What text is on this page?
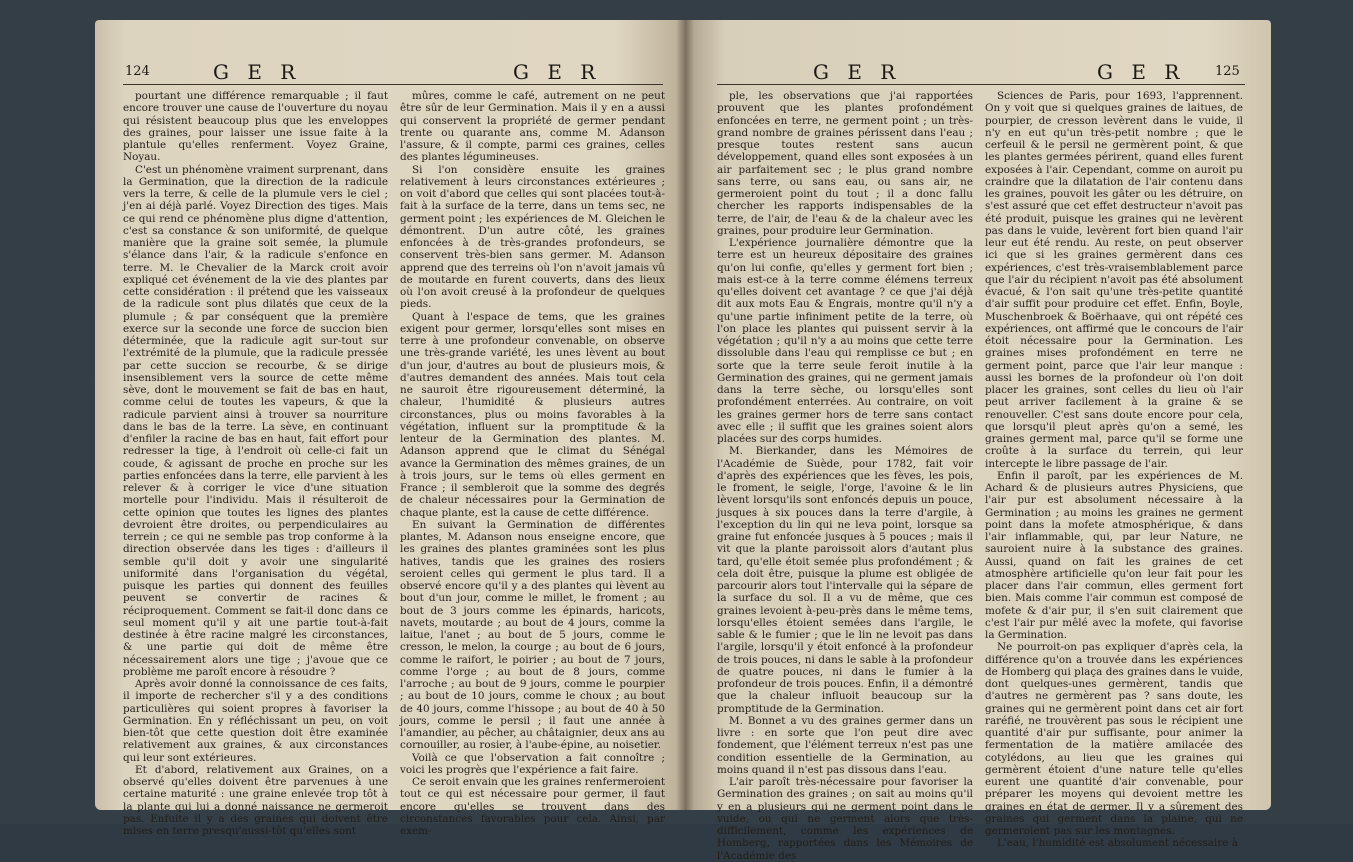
124	G E R	G E R

pourtant une différence remarquable ; il faut encore trouver une cause de l'ouverture du noyau qui résistent beaucoup plus que les enveloppes des graines, pour laisser une issue faite à la plantule qu'elles renferment. Voyez Graine, Noyau.

C'est un phénomène vraiment surprenant, dans la Germination, que la direction de la radicule vers la terre, & celle de la plumule vers le ciel ; j'en ai déjà parlé. Voyez Direction des tiges. Mais ce qui rend ce phénomène plus digne d'attention, c'est sa constance & son uniformité, de quelque manière que la graine soit semée, la plumule s'élance dans l'air, & la radicule s'enfonce en terre. M. le Chevalier de la Marck croit avoir expliqué cet événement de la vie des plantes par cette considération : il prétend que les vaisseaux de la radicule sont plus dilatés que ceux de la plumule ; & par conséquent que la première exerce sur la seconde une force de succion bien déterminée, que la radicule agit sur-tout sur l'extrémité de la plumule, que la radicule pressée par cette succion se recourbe, & se dirige insensiblement vers la source de cette même sève, dont le mouvement se fait de bas en haut, comme celui de toutes les vapeurs, & que la radicule parvient ainsi à trouver sa nourriture dans le bas de la terre. La sève, en continuant d'enfiler la racine de bas en haut, fait effort pour redresser la tige, à l'endroit où celle-ci fait un coude, & agissant de proche en proche sur les parties enfoncées dans la terre, elle parvient à les relever & à corriger le vice d'une situation mortelle pour l'individu. Mais il résulteroit de cette opinion que toutes les lignes des plantes devroient être droites, ou perpendiculaires au terrein ; ce qui ne semble pas trop conforme à la direction observée dans les tiges : d'ailleurs il semble qu'il doit y avoir une singularité uniformité dans l'organisation du végétal, puisque les parties qui donnent des feuilles peuvent se convertir de racines & réciproquement. Comment se fait-il donc dans ce seul moment qu'il y ait une partie tout-à-fait destinée à être racine malgré les circonstances, & une partie qui doit de même être nécessairement alors une tige ; j'avoue que ce problème me paroît encore à résoudre ?

Après avoir donné la connoissance de ces faits, il importe de rechercher s'il y a des conditions particulières qui soient propres à favoriser la Germination. En y réfléchissant un peu, on voit bien-tôt que cette question doit être examinée relativement aux graines, & aux circonstances qui leur sont extérieures.

Et d'abord, relativement aux Graines, on a observé qu'elles doivent être parvenues à une certaine maturité : une graine enlevée trop tôt à la plante qui lui a donné naissance ne germeroit pas. Enfuite il y a des graines qui doivent être mises en terre presqu'aussi-tôt qu'elles sont

mûres, comme le café, autrement on ne peut être sûr de leur Germination. Mais il y en a aussi qui conservent la propriété de germer pendant trente ou quarante ans, comme M. Adanson l'assure, & il compte, parmi ces graines, celles des plantes légumineuses.

Si l'on considère ensuite les graines relativement à leurs circonstances extérieures ; on voit d'abord que celles qui sont placées tout-à-fait à la surface de la terre, dans un tems sec, ne germent point ; les expériences de M. Gleichen le démontrent. D'un autre côté, les graines enfoncées à de très-grandes profondeurs, se conservent très-bien sans germer. M. Adanson apprend que des terreins où l'on n'avoit jamais vû de moutarde en furent couverts, dans des lieux où l'on avoit creusé à la profondeur de quelques pieds.

Quant à l'espace de tems, que les graines exigent pour germer, lorsqu'elles sont mises en terre à une profondeur convenable, on observe une très-grande variété, les unes lèvent au bout d'un jour, d'autres au bout de plusieurs mois, & d'autres demandent des années. Mais tout cela ne sauroit être rigoureusement déterminé, la chaleur, l'humidité & plusieurs autres circonstances, plus ou moins favorables à la végétation, influent sur la promptitude & la lenteur de la Germination des plantes. M. Adanson apprend que le climat du Sénégal avance la Germination des mêmes graines, de un à trois jours, sur le tems où elles germent en France ; il sembleroit que la somme des degrés de chaleur nécessaires pour la Germination de chaque plante, est la cause de cette différence.

En suivant la Germination de différentes plantes, M. Adanson nous enseigne encore, que les graines des plantes graminées sont les plus hatives, tandis que les graines des rosiers seroient celles qui germent le plus tard. Il a observé encore qu'il y a des plantes qui lèvent au bout d'un jour, comme le millet, le froment ; au bout de 3 jours comme les épinards, haricots, navets, moutarde ; au bout de 4 jours, comme la laitue, l'anet ; au bout de 5 jours, comme le cresson, le melon, la courge ; au bout de 6 jours, comme le raifort, le poirier ; au bout de 7 jours, comme l'orge ; au bout de 8 jours, comme l'arroche ; au bout de 9 jours, comme le pourpier ; au bout de 10 jours, comme le choux ; au bout de 40 jours, comme l'hissope ; au bout de 40 à 50 jours, comme le persil ; il faut une année à l'amandier, au pêcher, au châtaignier, deux ans au cornouiller, au rosier, à l'aube-épine, au noisetier.

Voilà ce que l'observation a fait connoître ; voici les progrès que l'expérience a fait faire.

Ce seroit envain que les graines renfermeroient tout ce qui est nécessaire pour germer, il faut encore qu'elles se trouvent dans des circonstances favorables pour cela. Ainsi, par exem-

G E R	G E R 125

ple, les observations que j'ai rapportées prouvent que les plantes profondément enfoncées en terre, ne germent point ; un très-grand nombre de graines périssent dans l'eau ; presque toutes restent sans aucun développement, quand elles sont exposées à un air parfaitement sec ; le plus grand nombre sans terre, ou sans eau, ou sans air, ne germeroient point du tout ; il a donc fallu chercher les rapports indispensables de la terre, de l'air, de l'eau & de la chaleur avec les graines, pour produire leur Germination.

L'expérience journalière démontre que la terre est un heureux dépositaire des graines qu'on lui confie, qu'elles y germent fort bien ; mais est-ce à la terre comme élémens terreux qu'elles doivent cet avantage ? ce que j'ai déjà dit aux mots Eau & Engrais, montre qu'il n'y a qu'une partie infiniment petite de la terre, où l'on place les plantes qui puissent servir à la végétation ; qu'il n'y a au moins que cette terre dissoluble dans l'eau qui remplisse ce but ; en sorte que la terre seule feroit inutile à la Germination des graines, qui ne germent jamais dans la terre sèche, ou lorsqu'elles sont profondément enterrées. Au contraire, on voit les graines germer hors de terre sans contact avec elle ; il suffit que les graines soient alors placées sur des corps humides.

M. Bierkander, dans les Mémoires de l'Académie de Suède, pour 1782, fait voir d'après des expériences que les fèves, les pois, le froment, le seigle, l'orge, l'avoine & le lin lèvent lorsqu'ils sont enfoncés depuis un pouce, jusques à six pouces dans la terre d'argile, à l'exception du lin qui ne leva point, lorsque sa graine fut enfoncée jusques à 5 pouces ; mais il vit que la plante paroissoit alors d'autant plus tard, qu'elle étoit semée plus profondément ; & cela doit être, puisque la plume est obligée de parcourir alors tout l'intervalle qui la sépare de la surface du sol. Il a vu de même, que ces graines levoient à-peu-près dans le même tems, lorsqu'elles étoient semées dans l'argile, le sable & le fumier ; que le lin ne levoit pas dans l'argile, lorsqu'il y étoit enfoncé à la profondeur de trois pouces, ni dans le sable à la profondeur de quatre pouces, ni dans le fumier à la profondeur de trois pouces. Enfin, il a démontré que la chaleur influoit beaucoup sur la promptitude de la Germination.

M. Bonnet a vu des graines germer dans un livre : en sorte que l'on peut dire avec fondement, que l'élément terreux n'est pas une condition essentielle de la Germination, au moins quand il n'est pas dissous dans l'eau.

L'air paroît très-nécessaire pour favoriser la Germination des graines ; on sait au moins qu'il y en a plusieurs qui ne germent point dans le vuide, ou qui ne germent alors que très-difficilement, comme les expériences de Homberg, rapportées dans les Mémoires de l'Académie des

Sciences de Paris, pour 1693, l'apprennent. On y voit que si quelques graines de laitues, de pourpier, de cresson levèrent dans le vuide, il n'y en eut qu'un très-petit nombre ; que le cerfeuil & le persil ne germèrent point, & que les plantes germées périrent, quand elles furent exposées à l'air. Cependant, comme on auroit pu craindre que la dilatation de l'air contenu dans les graines, pouvoit les gâter ou les détruire, on s'est assuré que cet effet destructeur n'avoit pas été produit, puisque les graines qui ne levèrent pas dans le vuide, levèrent fort bien quand l'air leur eut été rendu. Au reste, on peut observer ici que si les graines germèrent dans ces expériences, c'est très-vraisemblablement parce que l'air du récipient n'avoit pas été absolument évacué, & l'on sait qu'une très-petite quantité d'air suffit pour produire cet effet. Enfin, Boyle, Muschenbroek & Boërhaave, qui ont répété ces expériences, ont affirmé que le concours de l'air étoit nécessaire pour la Germination. Les graines mises profondément en terre ne germent point, parce que l'air leur manque : aussi les bornes de la profondeur où l'on doit placer les graines, sont celles du lieu où l'air peut arriver facilement à la graine & se renouveller. C'est sans doute encore pour cela, que lorsqu'il pleut après qu'on a semé, les graines germent mal, parce qu'il se forme une croûte à la surface du terrein, qui leur intercepte le libre passage de l'air.

Enfin il paroît, par les expériences de M. Achard & de plusieurs autres Physiciens, que l'air pur est absolument nécessaire à la Germination ; au moins les graines ne germent point dans la mofete atmosphérique, & dans l'air inflammable, qui, par leur Nature, ne sauroient nuire à la substance des graines. Aussi, quand on fait les graines de cet atmosphère artificielle qu'on leur fait pour les placer dans l'air commun, elles germent fort bien. Mais comme l'air commun est composé de mofete & d'air pur, il s'en suit clairement que c'est l'air pur mêlé avec la mofete, qui favorise la Germination.

Ne pourroit-on pas expliquer d'après cela, la différence qu'on a trouvée dans les expériences de Homberg qui plaça des graines dans le vuide, dont quelques-unes germèrent, tandis que d'autres ne germèrent pas ? sans doute, les graines qui ne germèrent point dans cet air fort raréfié, ne trouvèrent pas sous le récipient une quantité d'air pur suffisante, pour animer la fermentation de la matière amilacée des cotylédons, au lieu que les graines qui germèrent étoient d'une nature telle qu'elles eurent une quantité d'air convenable, pour préparer les moyens qui devoient mettre les graines en état de germer. Il y a sûrement des graines qui germent dans la plaine, qui ne germeroient pas sur les montagnes.

L'eau, l'humidité est absolument nécessaire à
